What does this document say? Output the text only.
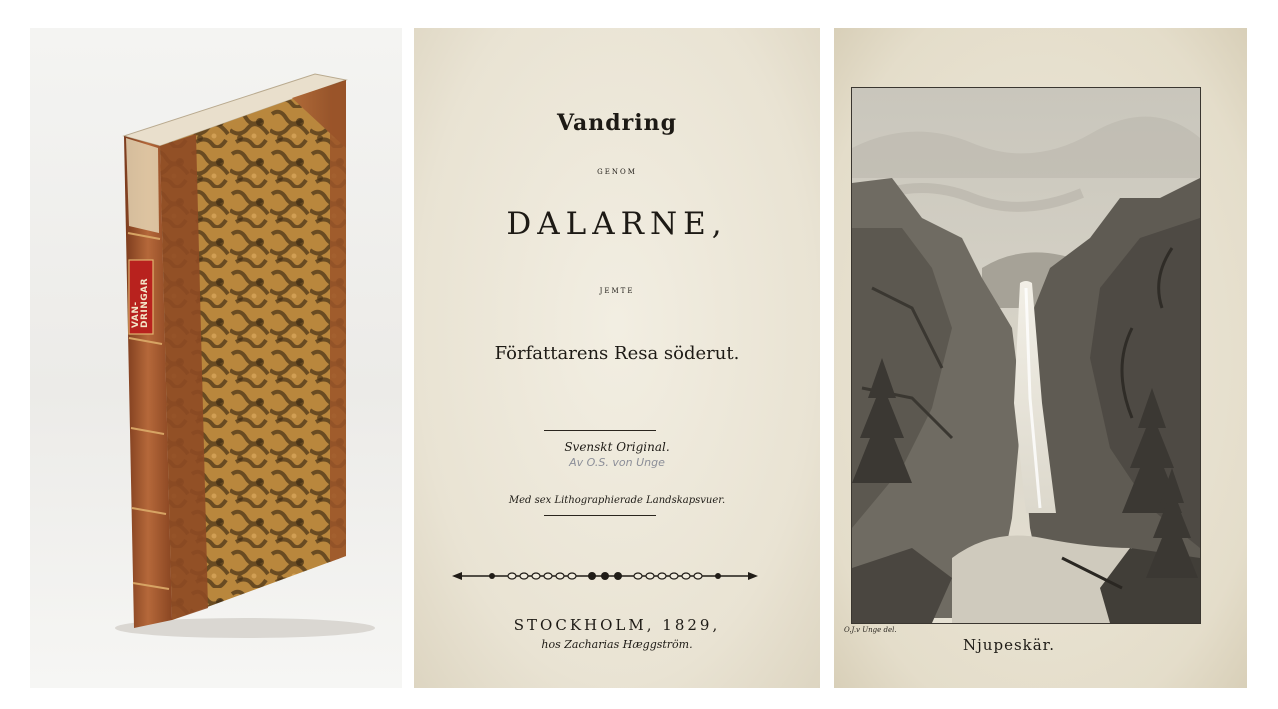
VAN-DRINGAR
Vandring
GENOM
DALARNE,
JEMTE
Författarens Resa söderut.
Svenskt Original.
Av O.S. von Unge
Med sex Lithographierade Landskapsvuer.
STOCKHOLM, 1829,
hos Zacharias Hæggström.
O.J.v Unge del.
Njupeskär.
